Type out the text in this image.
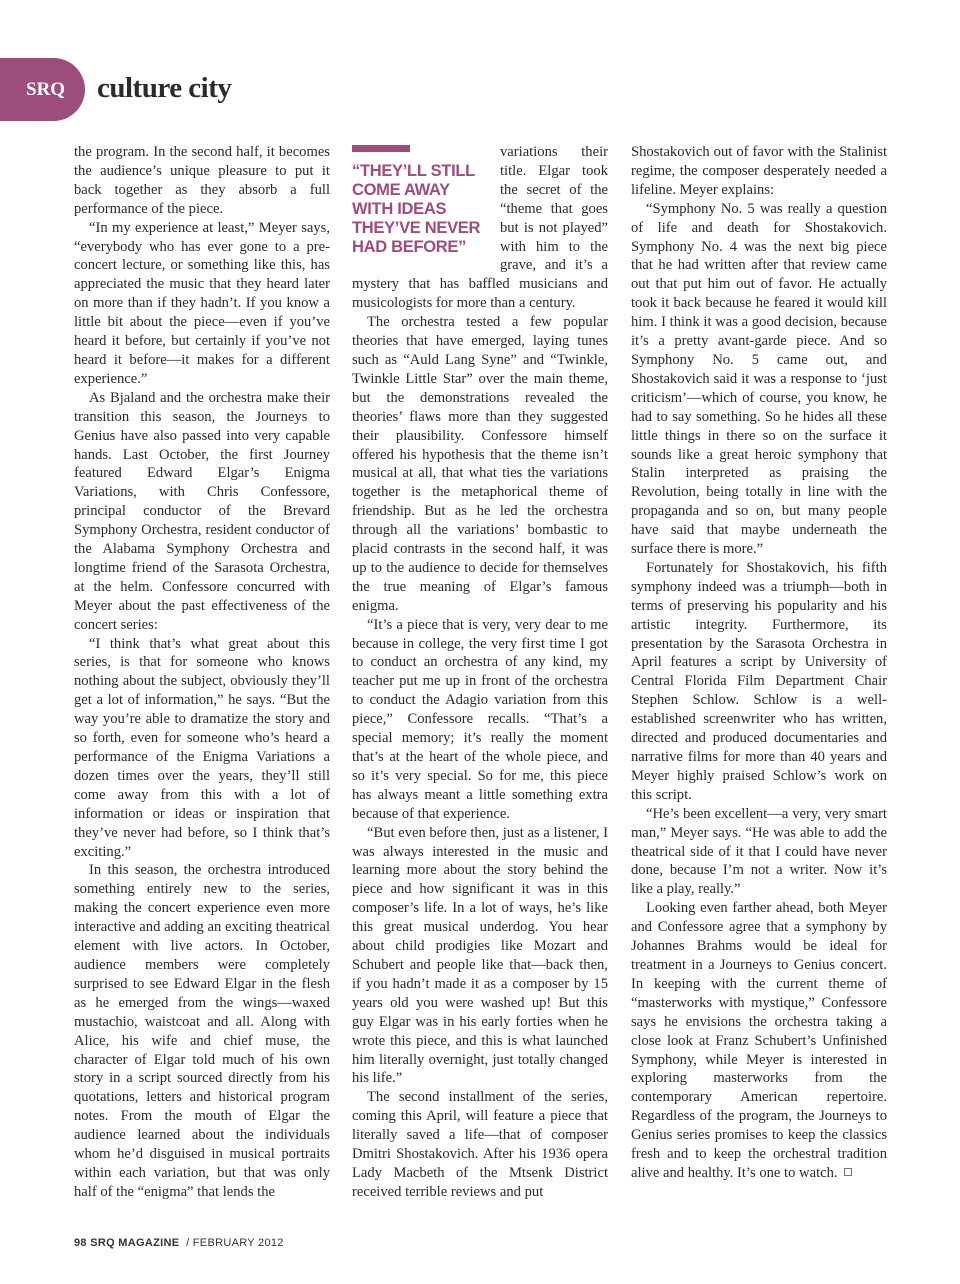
SRQ culture city

the program. In the second half, it becomes the audience’s unique pleasure to put it back together as they absorb a full performance of the piece.

“In my experience at least,” Meyer says, “everybody who has ever gone to a pre-concert lecture, or something like this, has appreciated the music that they heard later on more than if they hadn’t. If you know a little bit about the piece—even if you’ve heard it before, but certainly if you’ve not heard it before—it makes for a different experience.”

As Bjaland and the orchestra make their transition this season, the Journeys to Genius have also passed into very capable hands. Last October, the first Journey featured Edward Elgar’s Enigma Variations, with Chris Confessore, principal conductor of the Brevard Symphony Orchestra, resident conductor of the Alabama Symphony Orchestra and longtime friend of the Sarasota Orchestra, at the helm. Confessore concurred with Meyer about the past effectiveness of the concert series:

“I think that’s what great about this series, is that for someone who knows nothing about the subject, obviously they’ll get a lot of information,” he says. “But the way you’re able to dramatize the story and so forth, even for someone who’s heard a performance of the Enigma Variations a dozen times over the years, they’ll still come away from this with a lot of information or ideas or inspiration that they’ve never had before, so I think that’s exciting.”

In this season, the orchestra introduced something entirely new to the series, making the concert experience even more interactive and adding an exciting theatrical element with live actors. In October, audience members were completely surprised to see Edward Elgar in the flesh as he emerged from the wings—waxed mustachio, waistcoat and all. Along with Alice, his wife and chief muse, the character of Elgar told much of his own story in a script sourced directly from his quotations, letters and historical program notes. From the mouth of Elgar the audience learned about the individuals whom he’d disguised in musical portraits within each variation, but that was only half of the “enigma” that lends the

“THEY’LL STILL COME AWAY WITH IDEAS THEY’VE NEVER HAD BEFORE”

variations their title. Elgar took the secret of the “theme that goes but is not played” with him to the grave, and it’s a mystery that has baffled musicians and musicologists for more than a century.

The orchestra tested a few popular theories that have emerged, laying tunes such as “Auld Lang Syne” and “Twinkle, Twinkle Little Star” over the main theme, but the demonstrations revealed the theories’ flaws more than they suggested their plausibility. Confessore himself offered his hypothesis that the theme isn’t musical at all, that what ties the variations together is the metaphorical theme of friendship. But as he led the orchestra through all the variations’ bombastic to placid contrasts in the second half, it was up to the audience to decide for themselves the true meaning of Elgar’s famous enigma.

“It’s a piece that is very, very dear to me because in college, the very first time I got to conduct an orchestra of any kind, my teacher put me up in front of the orchestra to conduct the Adagio variation from this piece,” Confessore recalls. “That’s a special memory; it’s really the moment that’s at the heart of the whole piece, and so it’s very special. So for me, this piece has always meant a little something extra because of that experience.

“But even before then, just as a listener, I was always interested in the music and learning more about the story behind the piece and how significant it was in this composer’s life. In a lot of ways, he’s like this great musical underdog. You hear about child prodigies like Mozart and Schubert and people like that—back then, if you hadn’t made it as a composer by 15 years old you were washed up! But this guy Elgar was in his early forties when he wrote this piece, and this is what launched him literally overnight, just totally changed his life.”

The second installment of the series, coming this April, will feature a piece that literally saved a life—that of composer Dmitri Shostakovich. After his 1936 opera Lady Macbeth of the Mtsenk District received terrible reviews and put

Shostakovich out of favor with the Stalinist regime, the composer desperately needed a lifeline. Meyer explains:

“Symphony No. 5 was really a question of life and death for Shostakovich. Symphony No. 4 was the next big piece that he had written after that review came out that put him out of favor. He actually took it back because he feared it would kill him. I think it was a good decision, because it’s a pretty avant-garde piece. And so Symphony No. 5 came out, and Shostakovich said it was a response to ‘just criticism’—which of course, you know, he had to say something. So he hides all these little things in there so on the surface it sounds like a great heroic symphony that Stalin interpreted as praising the Revolution, being totally in line with the propaganda and so on, but many people have said that maybe underneath the surface there is more.”

Fortunately for Shostakovich, his fifth symphony indeed was a triumph—both in terms of preserving his popularity and his artistic integrity. Furthermore, its presentation by the Sarasota Orchestra in April features a script by University of Central Florida Film Department Chair Stephen Schlow. Schlow is a well-established screenwriter who has written, directed and produced documentaries and narrative films for more than 40 years and Meyer highly praised Schlow’s work on this script.

“He’s been excellent—a very, very smart man,” Meyer says. “He was able to add the theatrical side of it that I could have never done, because I’m not a writer. Now it’s like a play, really.”

Looking even farther ahead, both Meyer and Confessore agree that a symphony by Johannes Brahms would be ideal for treatment in a Journeys to Genius concert. In keeping with the current theme of “masterworks with mystique,” Confessore says he envisions the orchestra taking a close look at Franz Schubert’s Unfinished Symphony, while Meyer is interested in exploring masterworks from the contemporary American repertoire. Regardless of the program, the Journeys to Genius series promises to keep the classics fresh and to keep the orchestral tradition alive and healthy. It’s one to watch.

98 SRQ MAGAZINE / FEBRUARY 2012
